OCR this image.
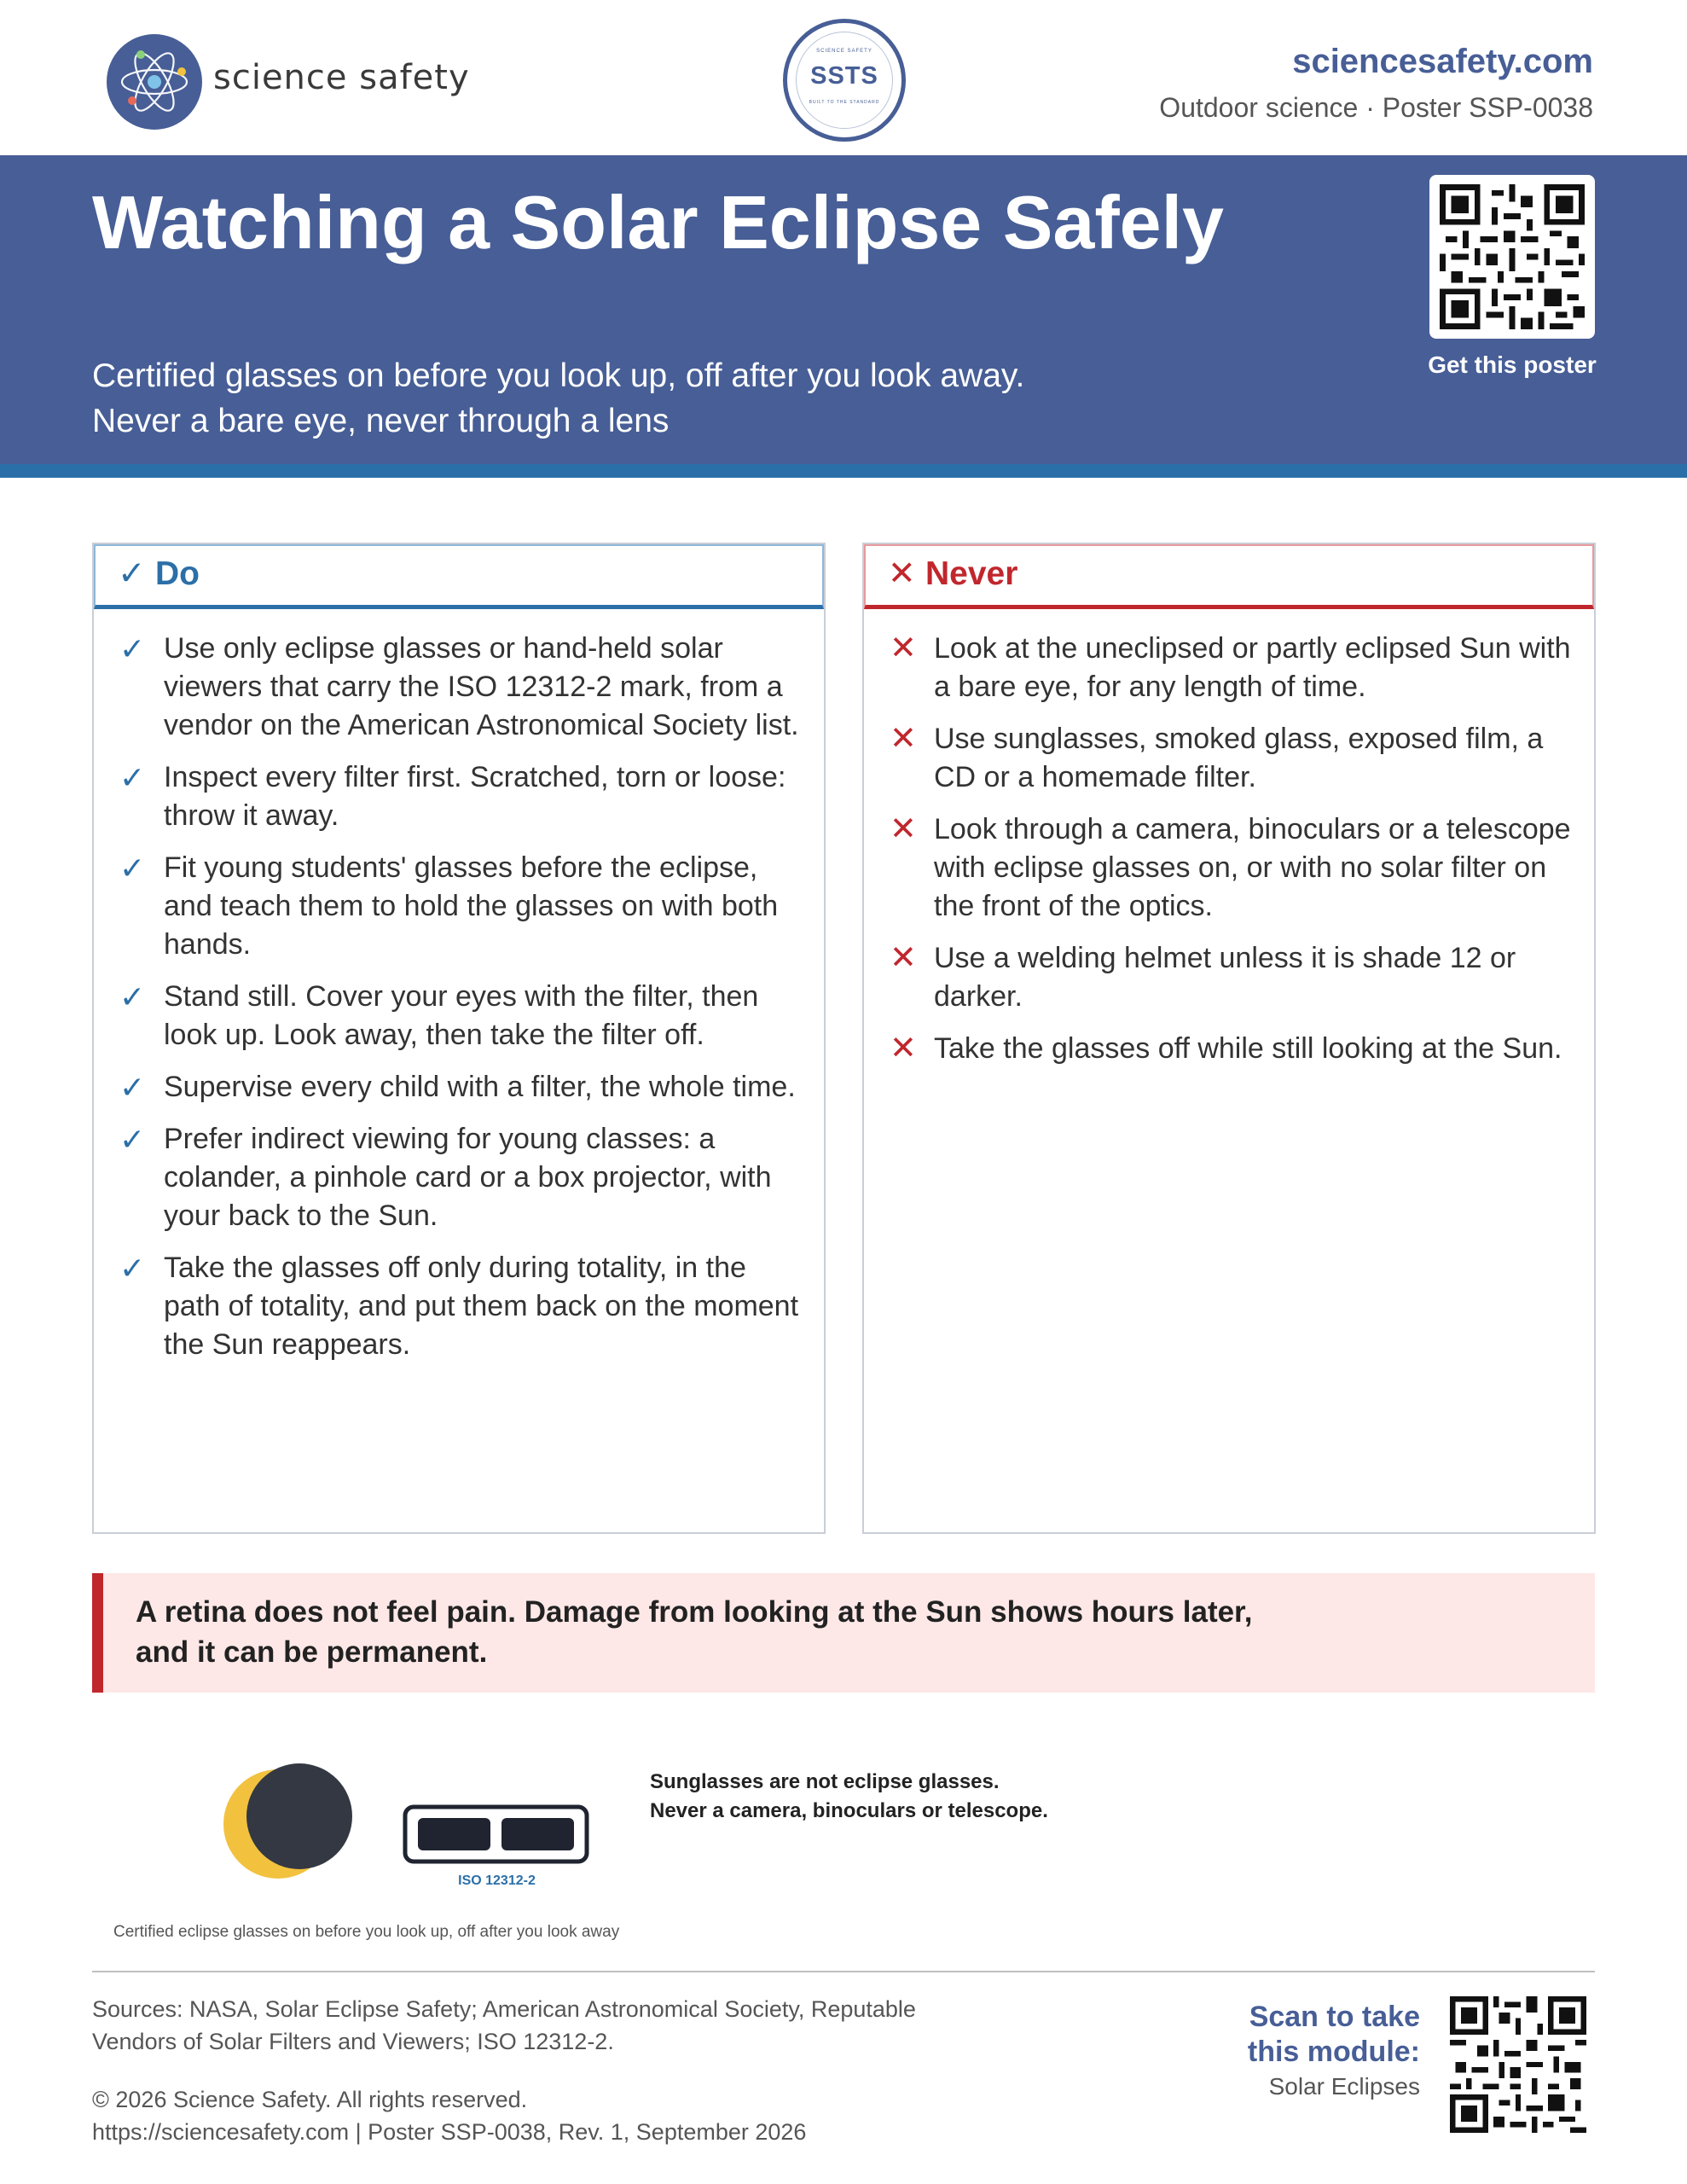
science safety
SCIENCE SAFETY
SSTS
BUILT TO THE STANDARD
sciencesafety.com
Outdoor science · Poster SSP-0038
Watching a Solar Eclipse Safely
Certified glasses on before you look up, off after you look away.
Never a bare eye, never through a lens
Get this poster
✓ Do
✓ Use only eclipse glasses or hand-held solar viewers that carry the ISO 12312-2 mark, from a vendor on the American Astronomical Society list.
✓ Inspect every filter first. Scratched, torn or loose: throw it away.
✓ Fit young students' glasses before the eclipse, and teach them to hold the glasses on with both hands.
✓ Stand still. Cover your eyes with the filter, then look up. Look away, then take the filter off.
✓ Supervise every child with a filter, the whole time.
✓ Prefer indirect viewing for young classes: a colander, a pinhole card or a box projector, with your back to the Sun.
✓ Take the glasses off only during totality, in the path of totality, and put them back on the moment the Sun reappears.
✕ Never
✕ Look at the uneclipsed or partly eclipsed Sun with a bare eye, for any length of time.
✕ Use sunglasses, smoked glass, exposed film, a CD or a homemade filter.
✕ Look through a camera, binoculars or a telescope with eclipse glasses on, or with no solar filter on the front of the optics.
✕ Use a welding helmet unless it is shade 12 or darker.
✕ Take the glasses off while still looking at the Sun.
A retina does not feel pain. Damage from looking at the Sun shows hours later,
and it can be permanent.
ISO 12312-2
Sunglasses are not eclipse glasses.
Never a camera, binoculars or telescope.
Certified eclipse glasses on before you look up, off after you look away
Sources: NASA, Solar Eclipse Safety; American Astronomical Society, Reputable
Vendors of Solar Filters and Viewers; ISO 12312-2.
© 2026 Science Safety. All rights reserved.
https://sciencesafety.com | Poster SSP-0038, Rev. 1, September 2026
Scan to take
this module:
Solar Eclipses
